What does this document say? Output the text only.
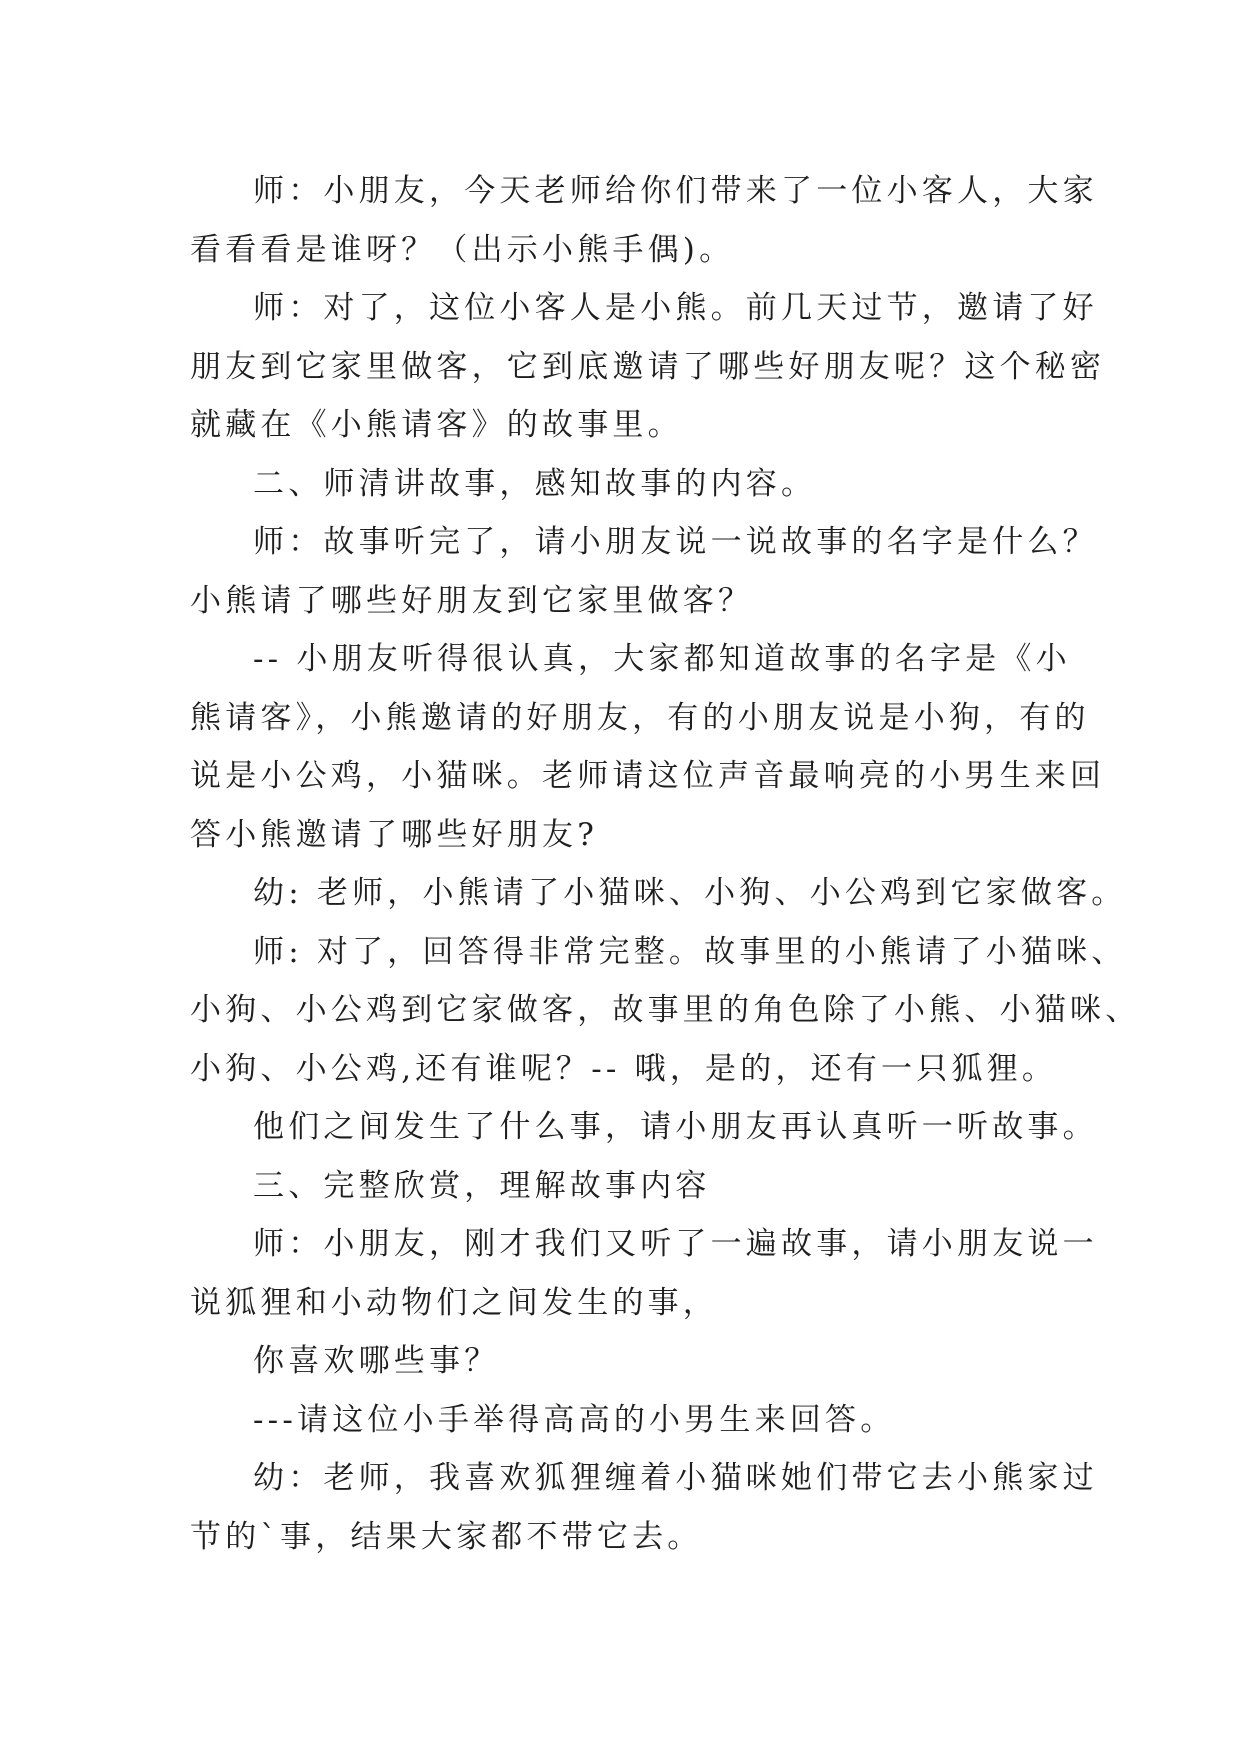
师：小朋友，今天老师给你们带来了一位小客人，大家
看看看是谁呀？（出示小熊手偶)。
师：对了，这位小客人是小熊。前几天过节，邀请了好
朋友到它家里做客，它到底邀请了哪些好朋友呢？这个秘密
就藏在《小熊请客》的故事里。
二、师清讲故事，感知故事的内容。
师：故事听完了，请小朋友说一说故事的名字是什么？
小熊请了哪些好朋友到它家里做客？
-- 小朋友听得很认真，大家都知道故事的名字是《小
熊请客》，小熊邀请的好朋友，有的小朋友说是小狗，有的
说是小公鸡，小猫咪。老师请这位声音最响亮的小男生来回
答小熊邀请了哪些好朋友?
幼: 老师，小熊请了小猫咪、小狗、小公鸡到它家做客。
师: 对了，回答得非常完整。故事里的小熊请了小猫咪、
小狗、小公鸡到它家做客，故事里的角色除了小熊、小猫咪、
小狗、小公鸡,还有谁呢？-- 哦，是的，还有一只狐狸。
他们之间发生了什么事，请小朋友再认真听一听故事。
三、完整欣赏，理解故事内容
师：小朋友，刚才我们又听了一遍故事，请小朋友说一
说狐狸和小动物们之间发生的事，
你喜欢哪些事？
---请这位小手举得高高的小男生来回答。
幼：老师，我喜欢狐狸缠着小猫咪她们带它去小熊家过
节的`事，结果大家都不带它去。
